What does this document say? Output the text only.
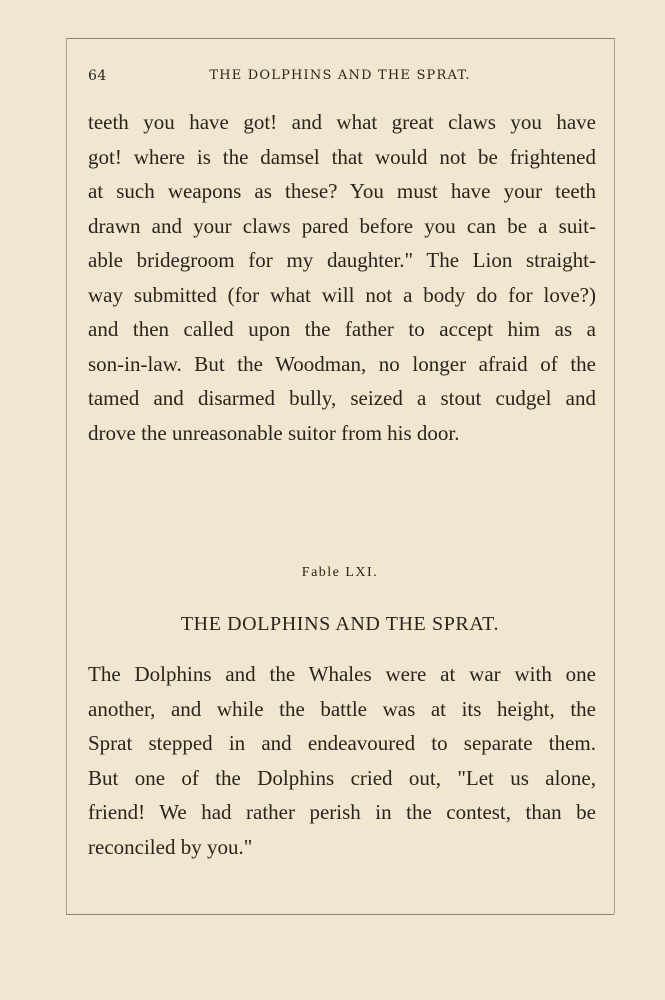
64	THE DOLPHINS AND THE SPRAT.
teeth you have got! and what great claws you have
got! where is the damsel that would not be frightened
at such weapons as these? You must have your teeth
drawn and your claws pared before you can be a suit-
able bridegroom for my daughter." The Lion straight-
way submitted (for what will not a body do for love?)
and then called upon the father to accept him as a
son-in-law. But the Woodman, no longer afraid of the
tamed and disarmed bully, seized a stout cudgel and
drove the unreasonable suitor from his door.
Fable LXI.
THE DOLPHINS AND THE SPRAT.
The Dolphins and the Whales were at war with one
another, and while the battle was at its height, the
Sprat stepped in and endeavoured to separate them.
But one of the Dolphins cried out, "Let us alone,
friend! We had rather perish in the contest, than be
reconciled by you."
